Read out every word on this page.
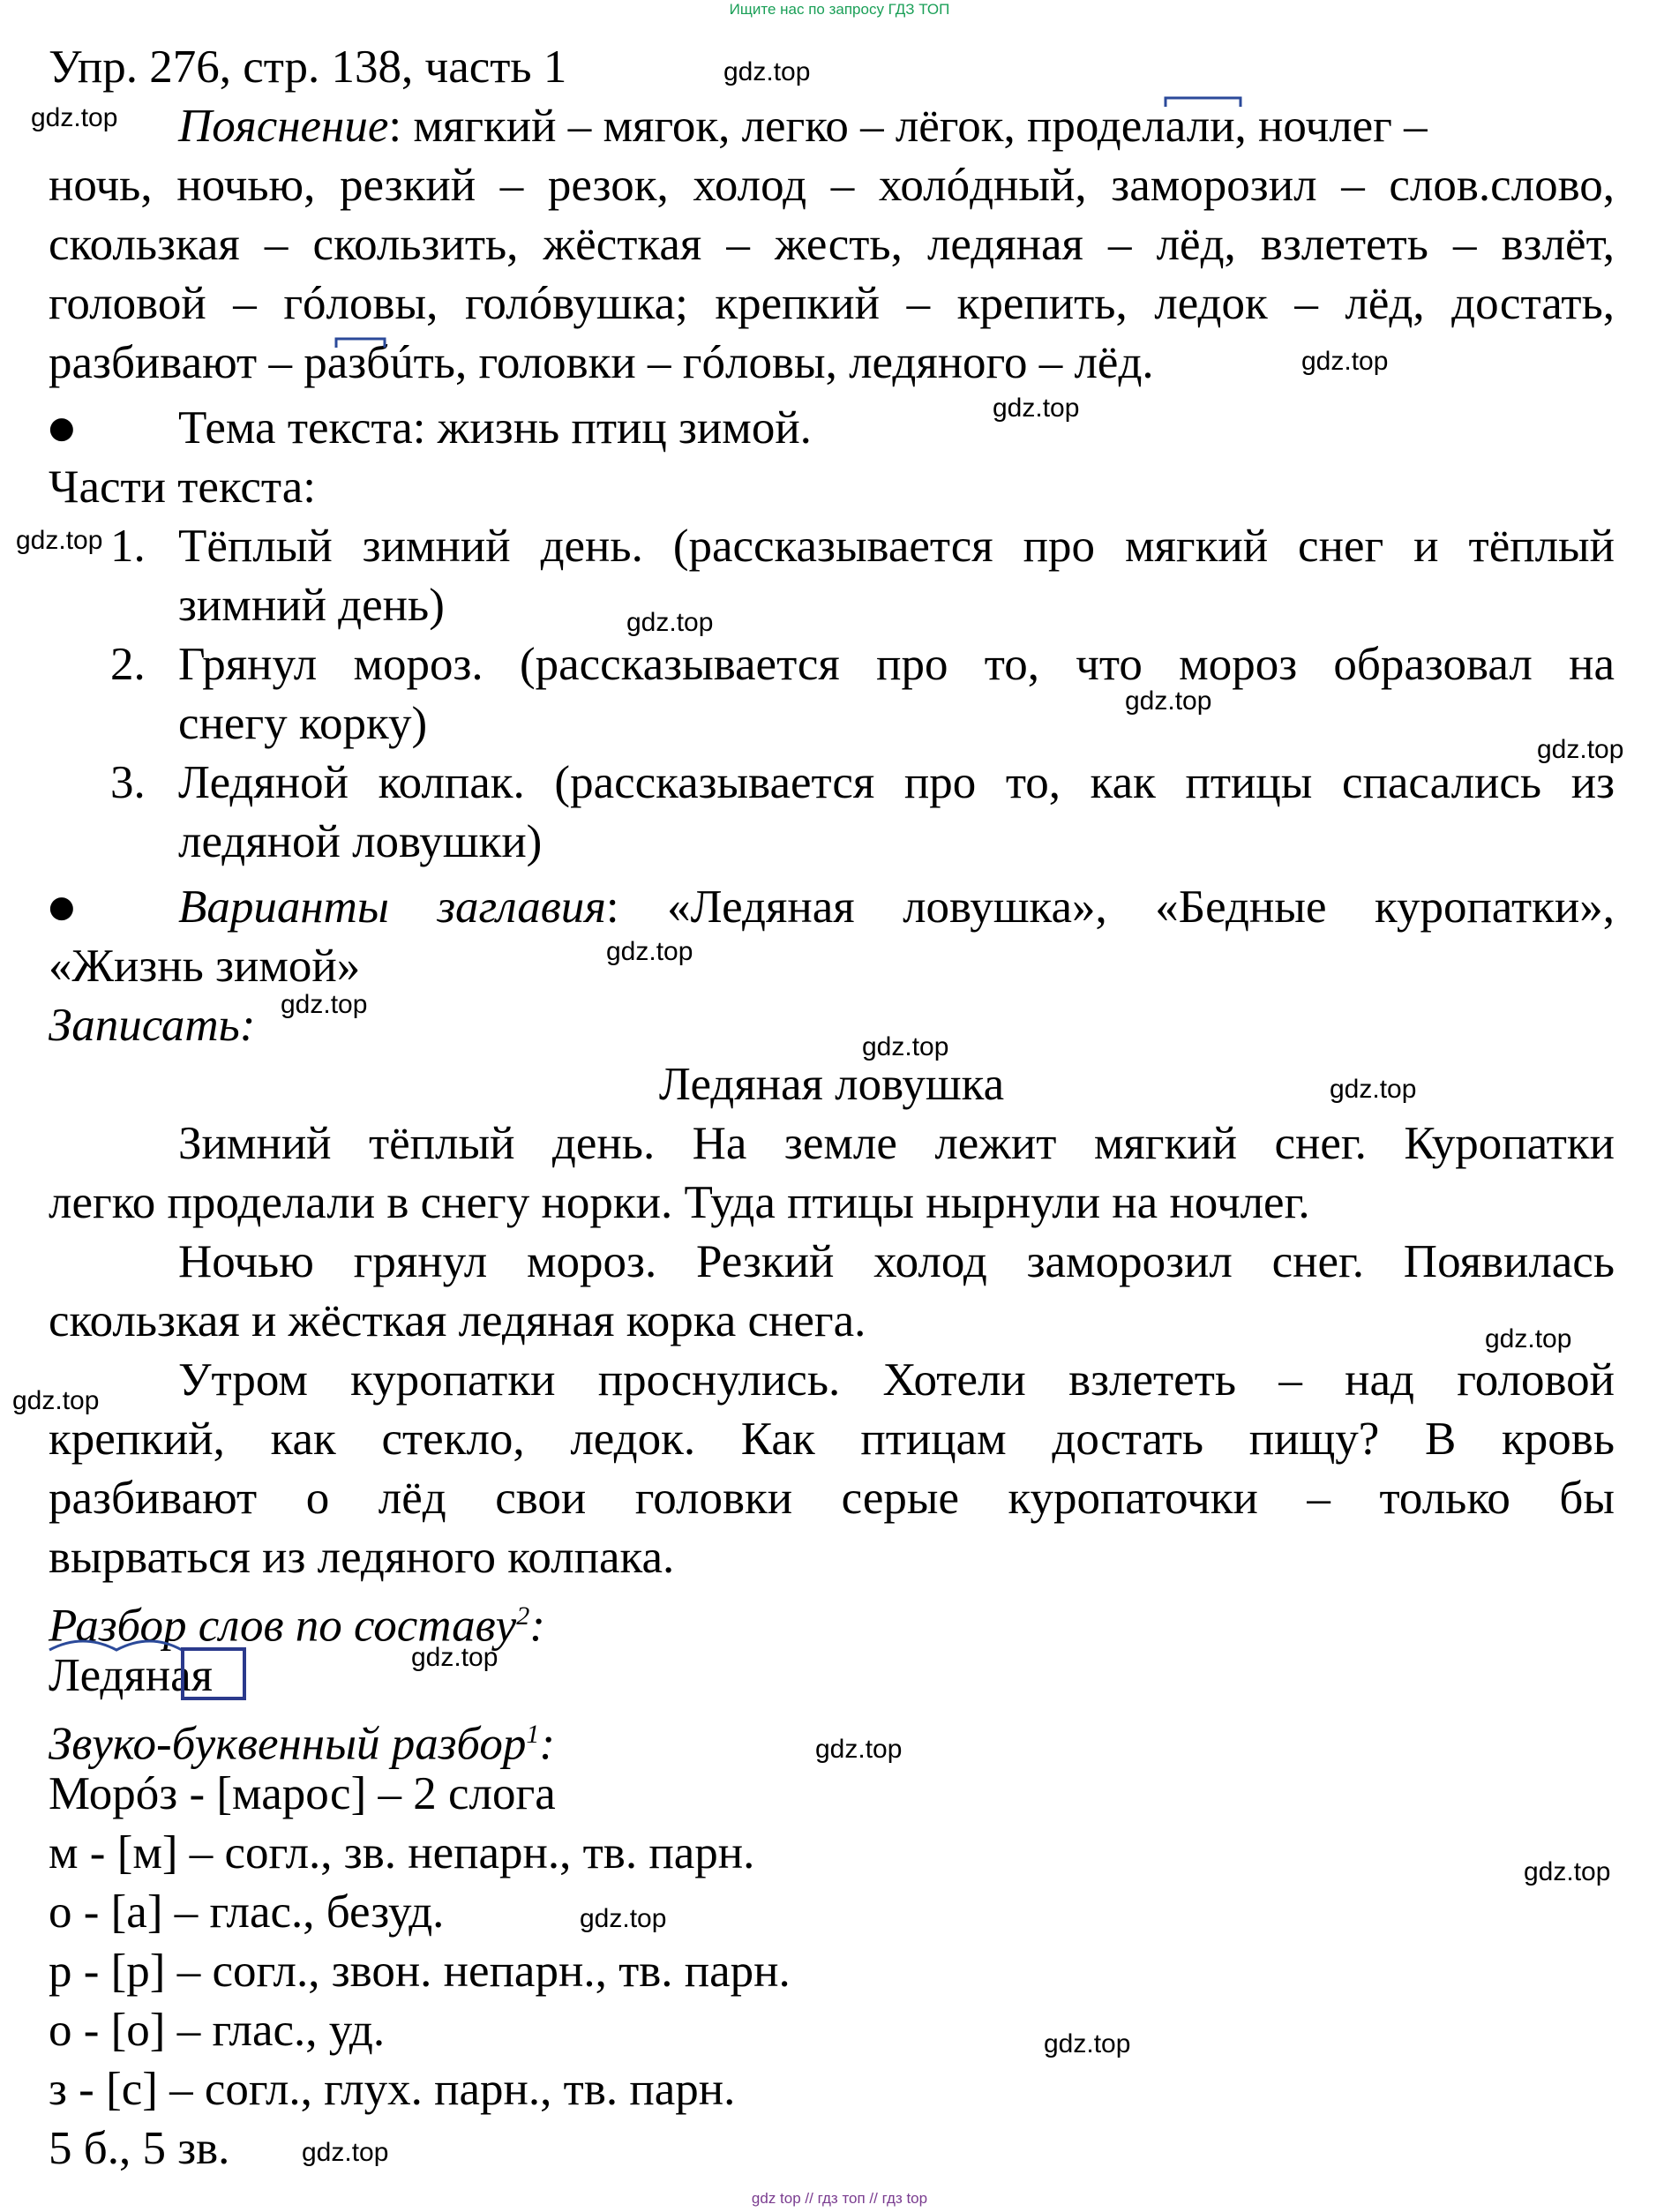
Ищите нас по запросу ГДЗ ТОП
Упр. 276, стр. 138, часть 1
Пояснение: мягкий – мягок, легко – лёгок, проделали, ночлег –
ночь, ночью, резкий – резок, холод – холóдный, заморозил – слов.слово,
скользкая – скользить, жёсткая – жесть, ледяная – лёд, взлететь – взлёт,
головой – гóловы, голóвушка; крепкий – крепить, ледок – лёд, достать,
разбивают – разбúть, головки – гóловы, ледяного – лёд.
● Тема текста: жизнь птиц зимой.
Части текста:
1. Тёплый зимний день. (рассказывается про мягкий снег и тёплый
зимний день)
2. Грянул мороз. (рассказывается про то, что мороз образовал на
снегу корку)
3. Ледяной колпак. (рассказывается про то, как птицы спасались из
ледяной ловушки)
● Варианты заглавия: «Ледяная ловушка», «Бедные куропатки»,
«Жизнь зимой»
Записать:
Ледяная ловушка
Зимний тёплый день. На земле лежит мягкий снег. Куропатки
легко проделали в снегу норки. Туда птицы нырнули на ночлег.
Ночью грянул мороз. Резкий холод заморозил снег. Появилась
скользкая и жёсткая ледяная корка снега.
Утром куропатки проснулись. Хотели взлететь – над головой
крепкий, как стекло, ледок. Как птицам достать пищу? В кровь
разбивают о лёд свои головки серые куропаточки – только бы
вырваться из ледяного колпака.
Разбор слов по составу$^2$:
Ледяная
Звуко-буквенный разбор$^1$:
Морóз - [марос] – 2 слога
м - [м] – согл., зв. непарн., тв. парн.
о - [а] – глас., безуд.
р - [р] – согл., звон. непарн., тв. парн.
о - [о] – глас., уд.
з - [с] – согл., глух. парн., тв. парн.
5 б., 5 зв.
gdz.top
gdz.top
gdz.top
gdz.top
gdz.top
gdz.top
gdz.top
gdz.top
gdz.top
gdz.top
gdz.top
gdz.top
gdz.top
gdz.top
gdz.top
gdz.top
gdz.top
gdz.top
gdz.top
gdz.top
gdz top // гдз топ // гдз top
